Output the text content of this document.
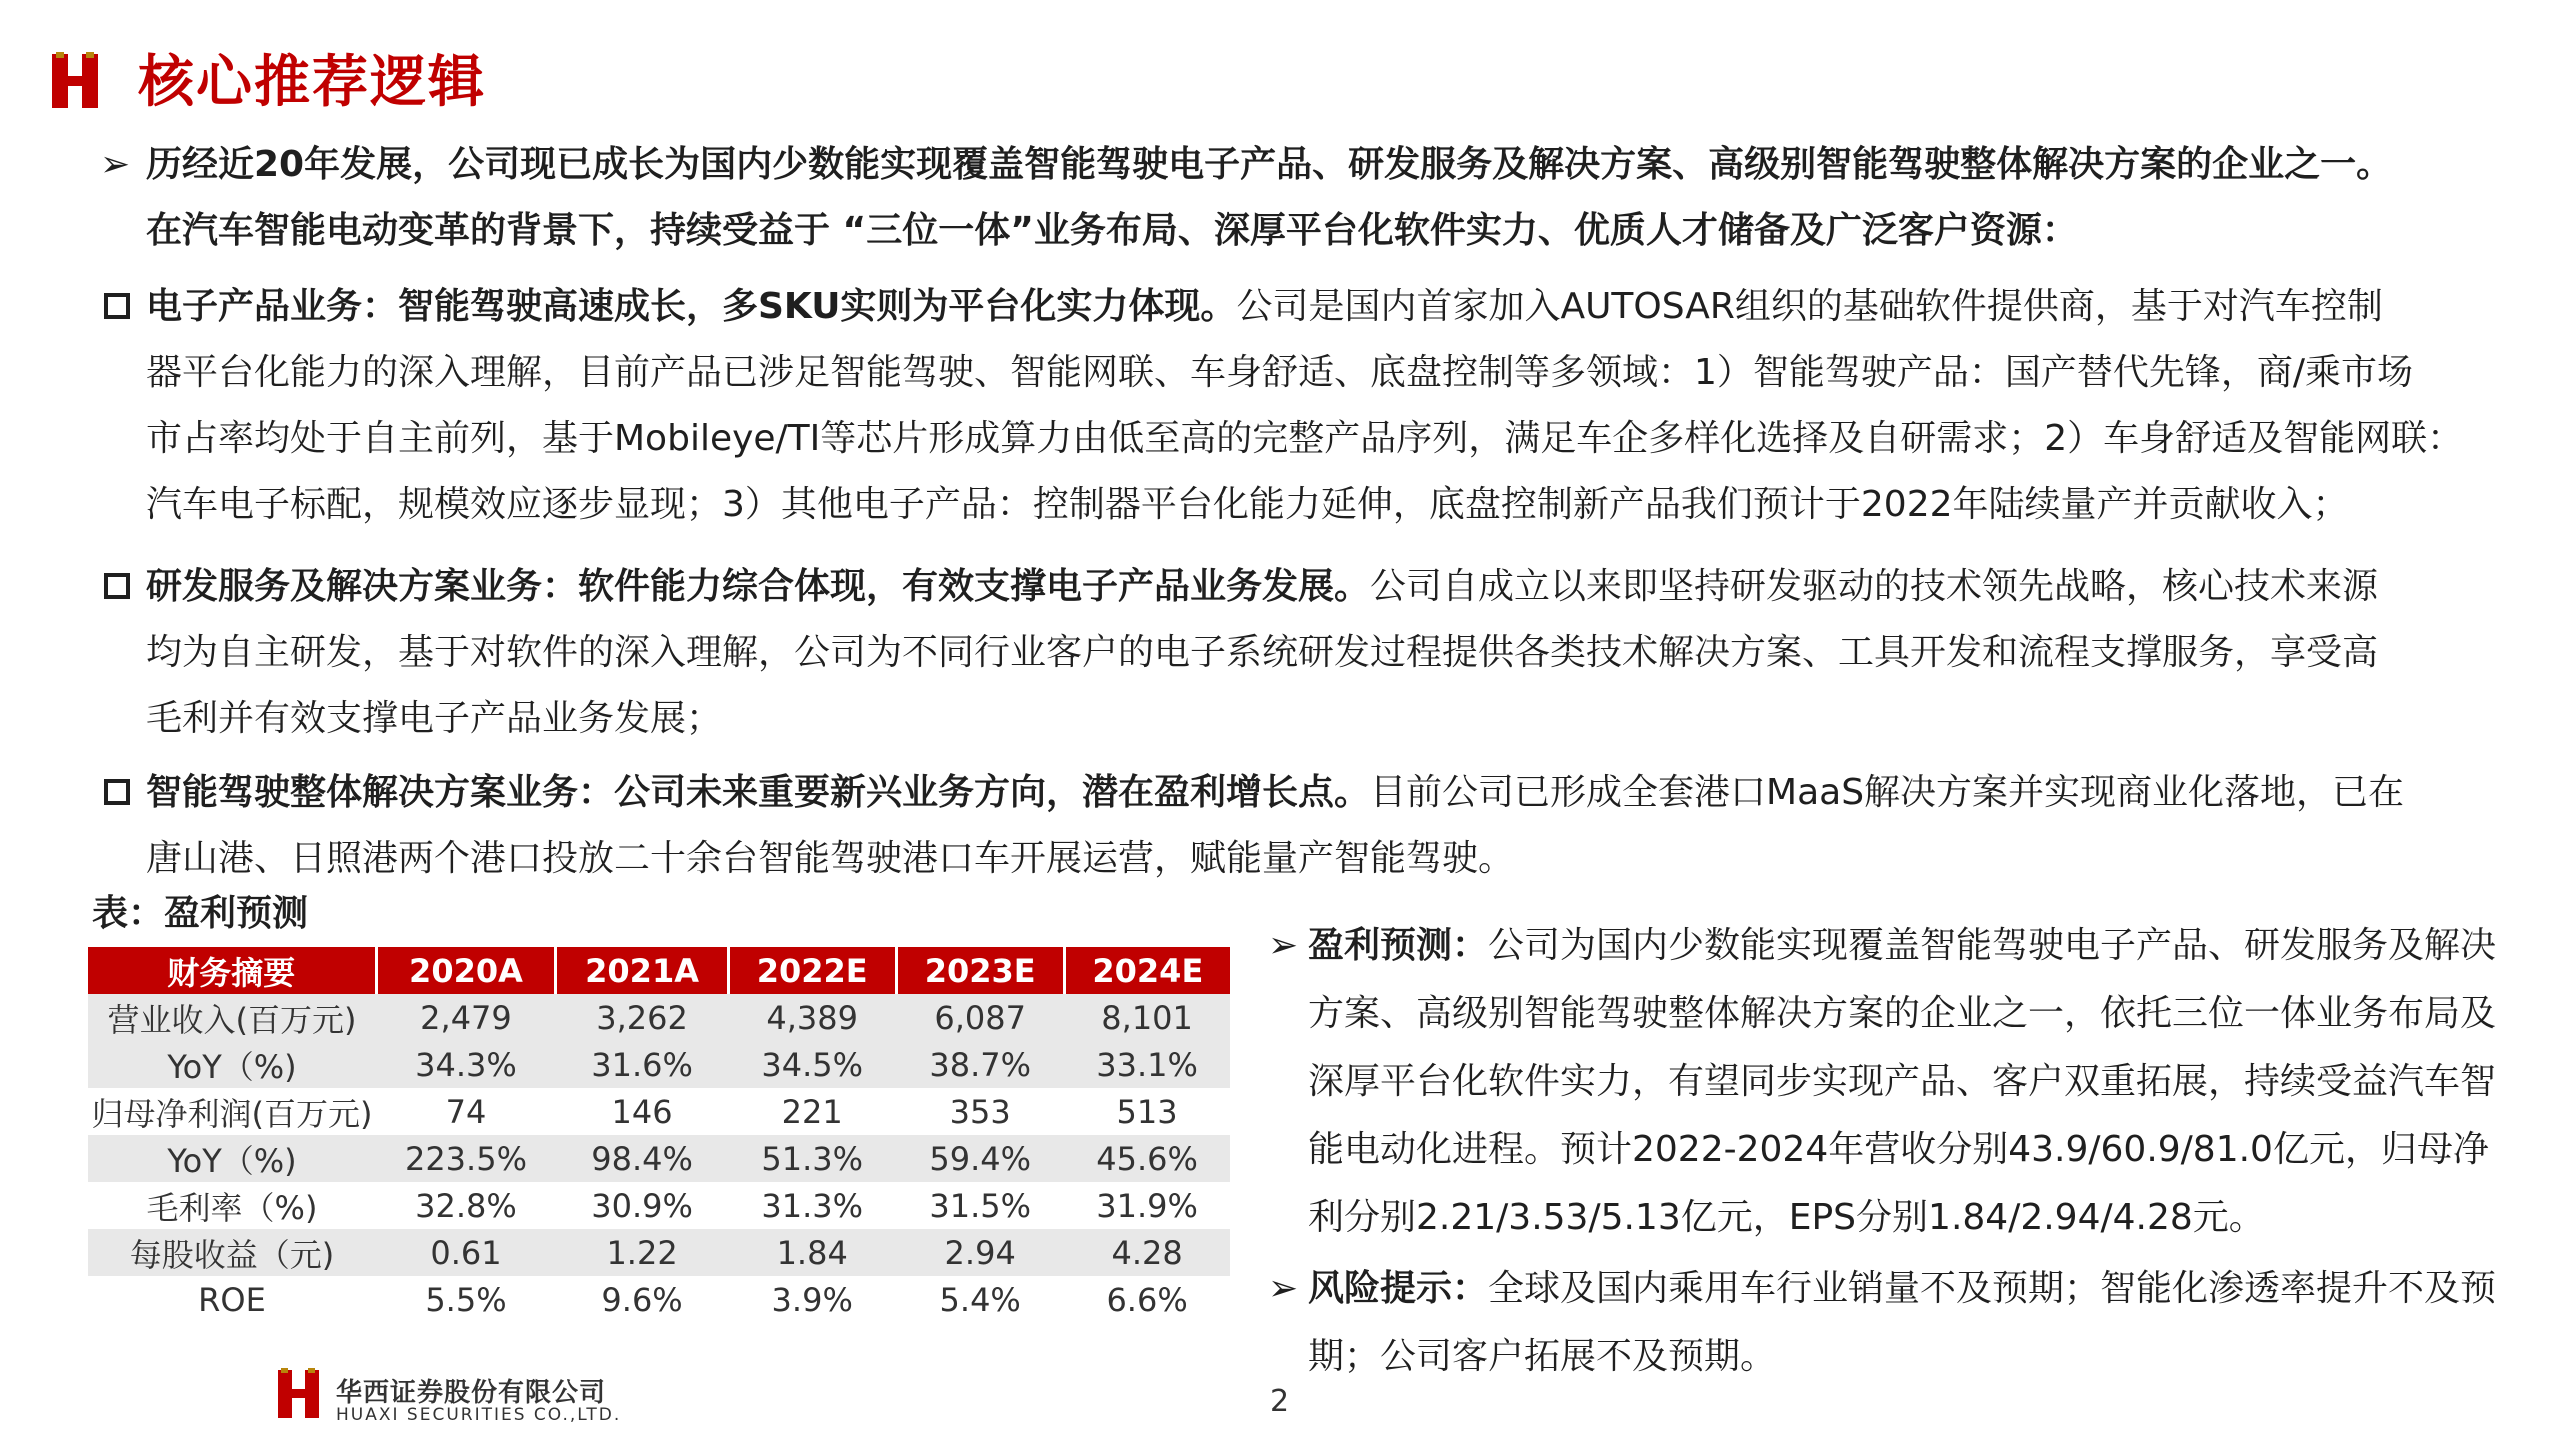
核心推荐逻辑
➢ 历经近20年发展，公司现已成长为国内少数能实现覆盖智能驾驶电子产品、研发服务及解决方案、高级别智能驾驶整体解决方案的企业之一。
在汽车智能电动变革的背景下，持续受益于 “三位一体”业务布局、深厚平台化软件实力、优质人才储备及广泛客户资源：
电子产品业务：智能驾驶高速成长，多SKU实则为平台化实力体现。公司是国内首家加入AUTOSAR组织的基础软件提供商，基于对汽车控制
器平台化能力的深入理解，目前产品已涉足智能驾驶、智能网联、车身舒适、底盘控制等多领域：1）智能驾驶产品：国产替代先锋，商/乘市场
市占率均处于自主前列，基于Mobileye/TI等芯片形成算力由低至高的完整产品序列，满足车企多样化选择及自研需求；2）车身舒适及智能网联：
汽车电子标配，规模效应逐步显现；3）其他电子产品：控制器平台化能力延伸，底盘控制新产品我们预计于2022年陆续量产并贡献收入；
研发服务及解决方案业务：软件能力综合体现，有效支撑电子产品业务发展。公司自成立以来即坚持研发驱动的技术领先战略，核心技术来源
均为自主研发，基于对软件的深入理解，公司为不同行业客户的电子系统研发过程提供各类技术解决方案、工具开发和流程支撑服务，享受高
毛利并有效支撑电子产品业务发展；
智能驾驶整体解决方案业务：公司未来重要新兴业务方向，潜在盈利增长点。目前公司已形成全套港口MaaS解决方案并实现商业化落地，已在
唐山港、日照港两个港口投放二十余台智能驾驶港口车开展运营，赋能量产智能驾驶。
表：盈利预测
财务摘要	2020A	2021A	2022E	2023E	2024E
营业收入(百万元)	2,479	3,262	4,389	6,087	8,101
YoY（%)	34.3%	31.6%	34.5%	38.7%	33.1%
归母净利润(百万元)	74	146	221	353	513
YoY（%)	223.5%	98.4%	51.3%	59.4%	45.6%
毛利率（%)	32.8%	30.9%	31.3%	31.5%	31.9%
每股收益（元)	0.61	1.22	1.84	2.94	4.28
ROE	5.5%	9.6%	3.9%	5.4%	6.6%
➢ 盈利预测：公司为国内少数能实现覆盖智能驾驶电子产品、研发服务及解决方案、高级别智能驾驶整体解决方案的企业之一，依托三位一体业务布局及深厚平台化软件实力，有望同步实现产品、客户双重拓展，持续受益汽车智能电动化进程。预计2022-2024年营收分别43.9/60.9/81.0亿元，归母净利分别2.21/3.53/5.13亿元，EPS分别1.84/2.94/4.28元。
➢ 风险提示：全球及国内乘用车行业销量不及预期；智能化渗透率提升不及预期；公司客户拓展不及预期。
华西证券股份有限公司
HUAXI SECURITIES CO.,LTD.	2
